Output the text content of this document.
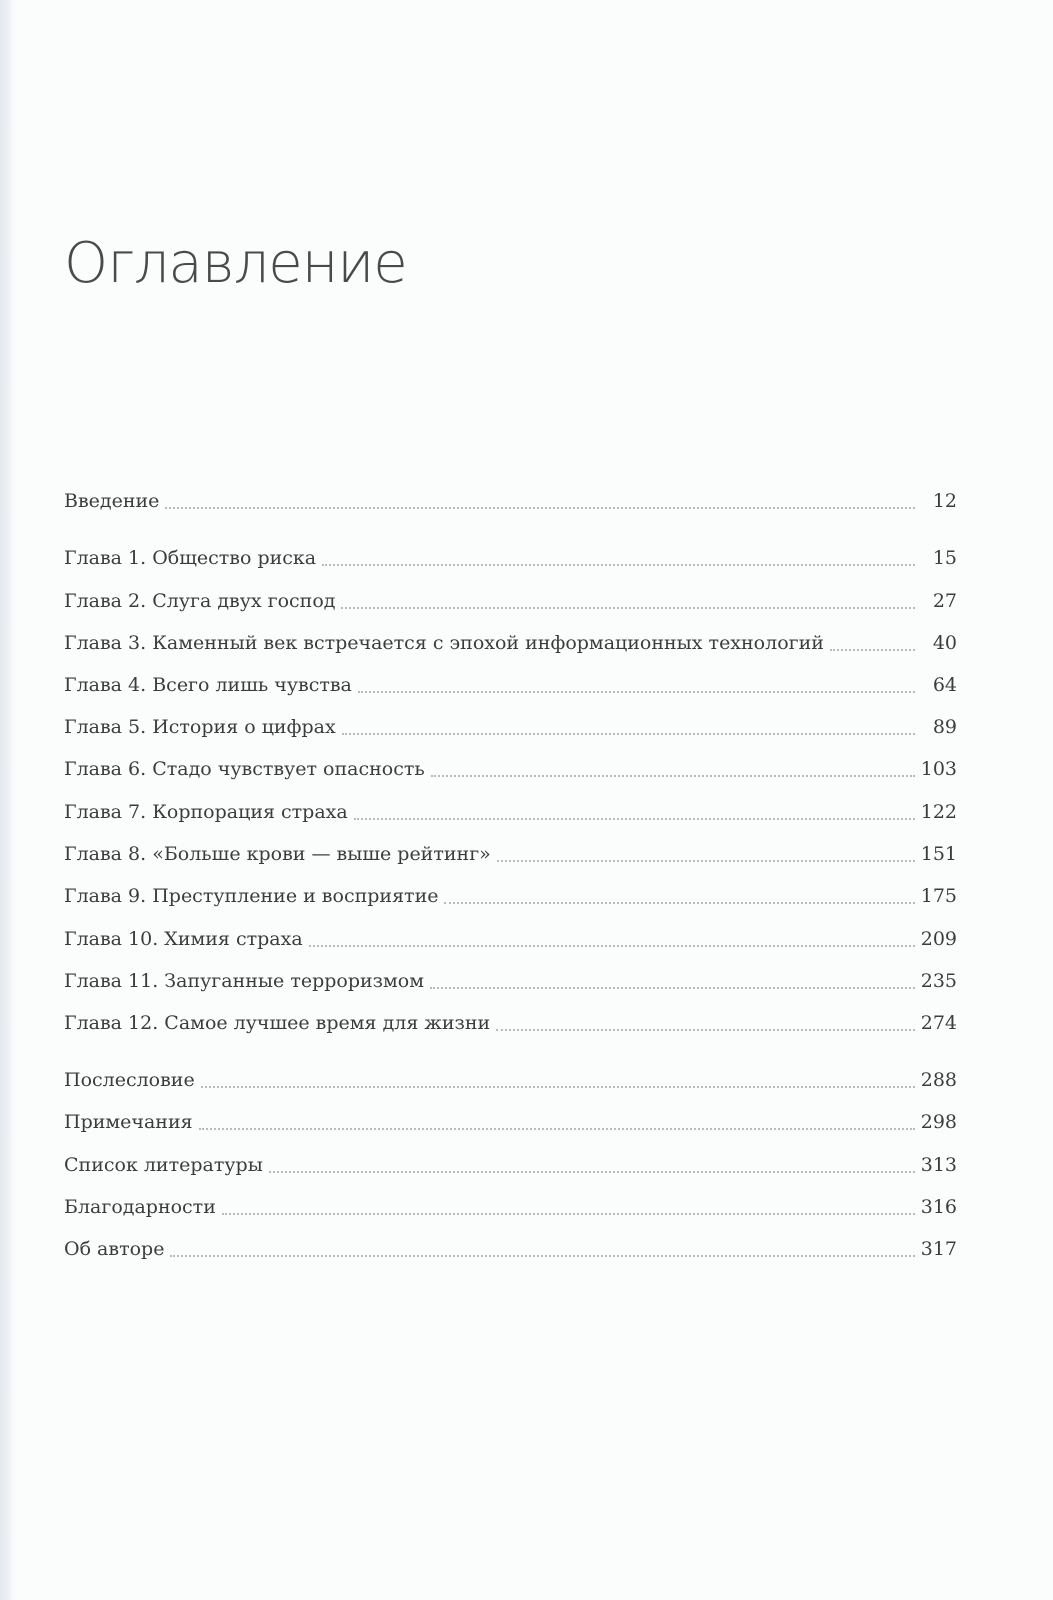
Оглавление
Введение	12
Глава 1. Общество риска	15
Глава 2. Слуга двух господ	27
Глава 3. Каменный век встречается с эпохой информационных технологий	40
Глава 4. Всего лишь чувства	64
Глава 5. История о цифрах	89
Глава 6. Стадо чувствует опасность	103
Глава 7. Корпорация страха	122
Глава 8. «Больше крови — выше рейтинг»	151
Глава 9. Преступление и восприятие	175
Глава 10. Химия страха	209
Глава 11. Запуганные терроризмом	235
Глава 12. Самое лучшее время для жизни	274
Послесловие	288
Примечания	298
Список литературы	313
Благодарности	316
Об авторе	317
